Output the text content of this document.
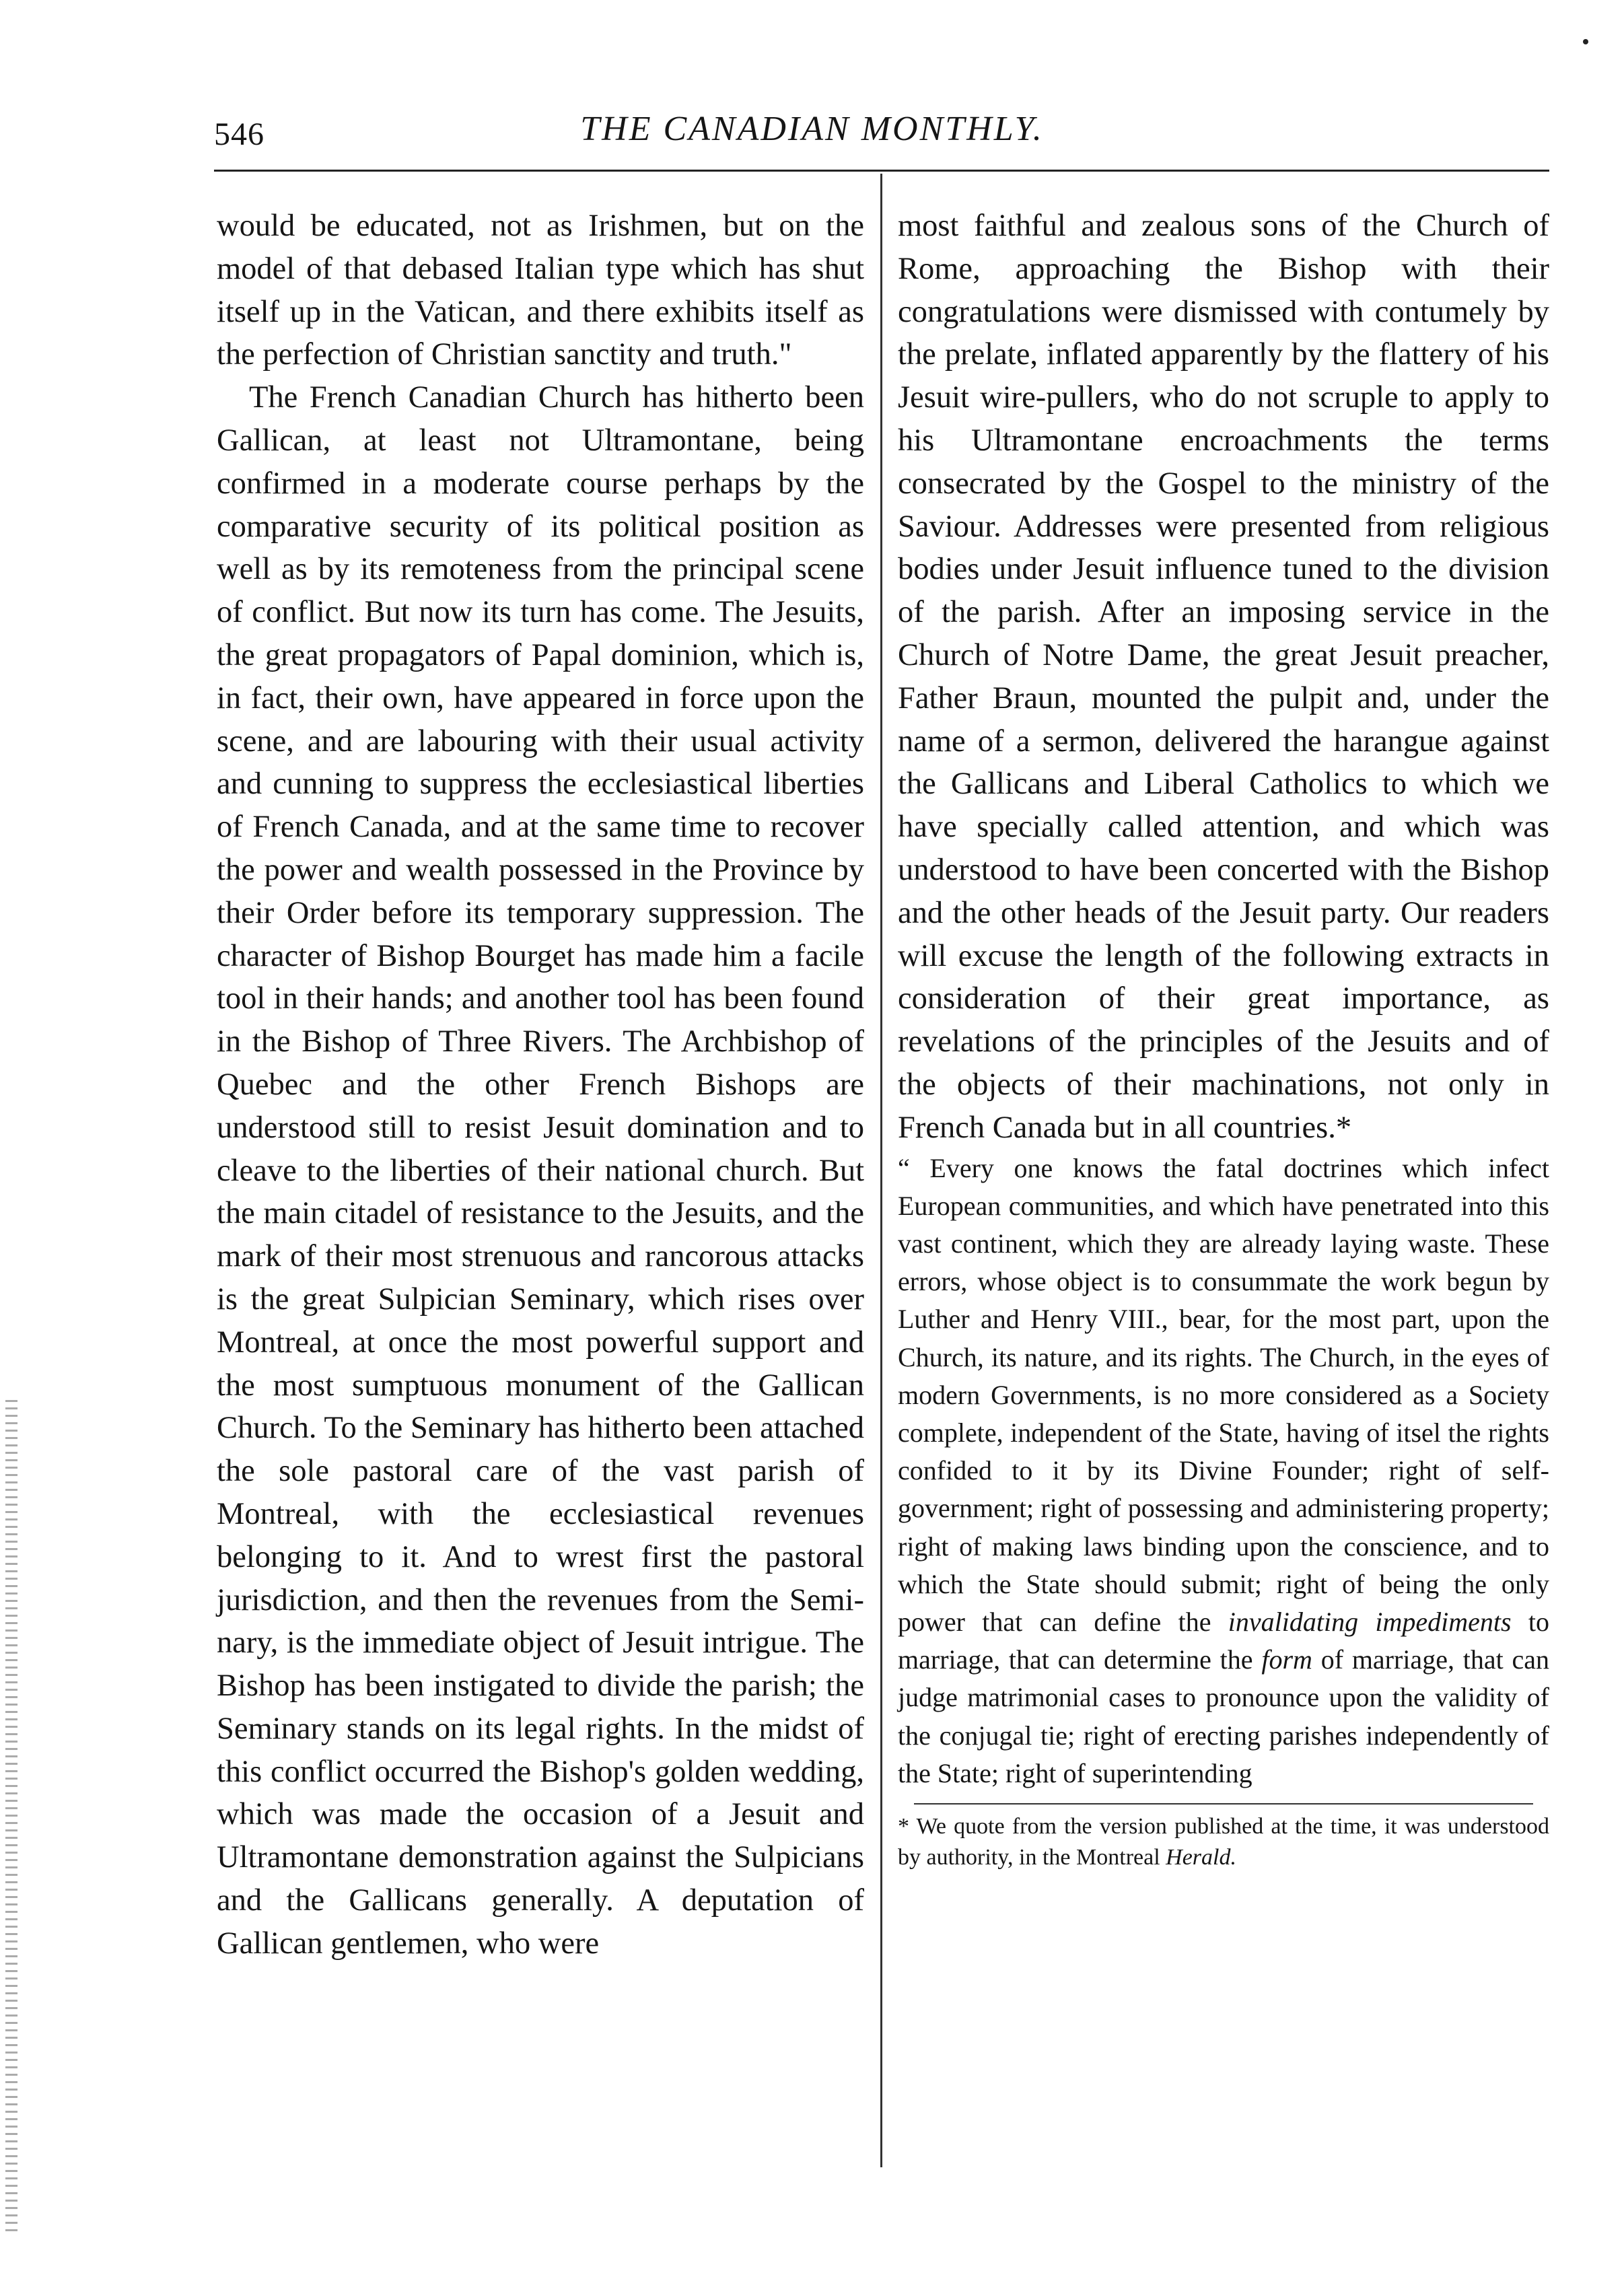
546	THE CANADIAN MONTHLY.

would be educated, not as Irishmen, but on the model of that debased Italian type which has shut itself up in the Vatican, and there exhibits itself as the perfection of Christian sanctity and truth."

The French Canadian Church has hitherto been Gallican, at least not Ultramontane, being confirmed in a moderate course perhaps by the comparative security of its political position as well as by its remoteness from the principal scene of conflict. But now its turn has come. The Jesuits, the great propagators of Papal dominion, which is, in fact, their own, have appeared in force upon the scene, and are labouring with their usual activity and cunning to suppress the ecclesiastical liberties of French Canada, and at the same time to recover the power and wealth possessed in the Province by their Order before its temporary suppression. The character of Bishop Bourget has made him a facile tool in their hands; and another tool has been found in the Bishop of Three Rivers. The Archbishop of Quebec and the other French Bishops are understood still to resist Jesuit domination and to cleave to the liberties of their national church. But the main citadel of resistance to the Jesuits, and the mark of their most strenuous and rancorous attacks is the great Sulpician Seminary, which rises over Montreal, at once the most powerful support and the most sumptuous monument of the Gallican Church. To the Seminary has hitherto been attached the sole pastoral care of the vast parish of Montreal, with the ecclesiastical revenues belonging to it. And to wrest first the pastoral jurisdiction, and then the revenues from the Seminary, is the immediate object of Jesuit intrigue. The Bishop has been instigated to divide the parish; the Seminary stands on its legal rights. In the midst of this conflict occurred the Bishop's golden wedding, which was made the occasion of a Jesuit and Ultramontane demonstration against the Sulpicians and the Gallicans generally. A deputation of Gallican gentlemen, who were

most faithful and zealous sons of the Church of Rome, approaching the Bishop with their congratulations were dismissed with contumely by the prelate, inflated apparently by the flattery of his Jesuit wire-pullers, who do not scruple to apply to his Ultramontane encroachments the terms consecrated by the Gospel to the ministry of the Saviour. Addresses were presented from religious bodies under Jesuit influence tuned to the division of the parish. After an imposing service in the Church of Notre Dame, the great Jesuit preacher, Father Braun, mounted the pulpit and, under the name of a sermon, delivered the harangue against the Gallicans and Liberal Catholics to which we have specially called attention, and which was understood to have been concerted with the Bishop and the other heads of the Jesuit party. Our readers will excuse the length of the following extracts in consideration of their great importance, as revelations of the principles of the Jesuits and of the objects of their machinations, not only in French Canada but in all countries.*

“ Every one knows the fatal doctrines which infect European communities, and which have penetrated into this vast continent, which they are already laying waste. These errors, whose object is to consummate the work begun by Luther and Henry VIII., bear, for the most part, upon the Church, its nature, and its rights. The Church, in the eyes of modern Governments, is no more considered as a Society complete, independent of the State, having of itsel the rights confided to it by its Divine Founder; right of self-government; right of possessing and administering property; right of making laws binding upon the conscience, and to which the State should submit; right of being the only power that can define the invalidating impediments to marriage, that can determine the form of marriage, that can judge matrimonial cases to pronounce upon the validity of the conjugal tie; right of erecting parishes independently of the State; right of superintending

* We quote from the version published at the time, it was understood by authority, in the Montreal Herald.
